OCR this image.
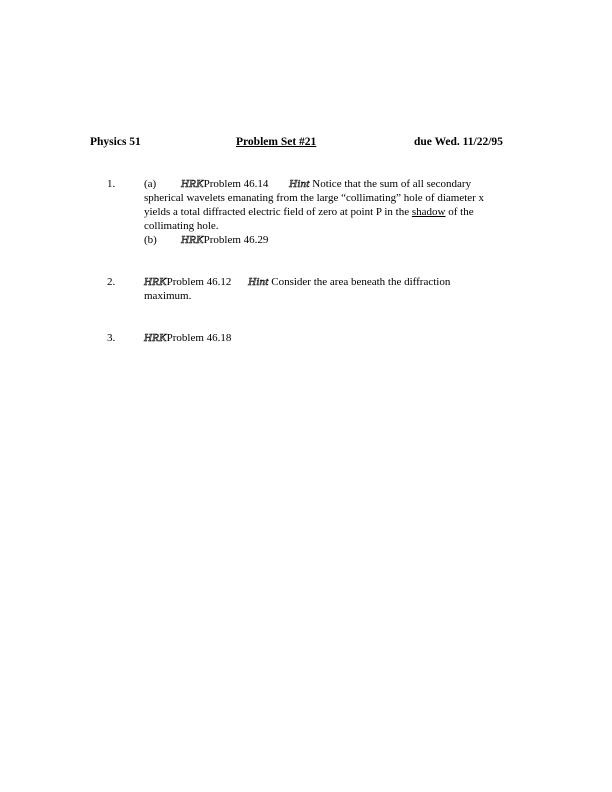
Physics 51	Problem Set #21	due Wed. 11/22/95
1.	(a) HRKProblem 46.14 Hint Notice that the sum of all secondary
spherical wavelets emanating from the large “collimating” hole of diameter x
yields a total diffracted electric field of zero at point P in the shadow of the
collimating hole.
(b) HRKProblem 46.29
2.	HRKProblem 46.12 Hint Consider the area beneath the diffraction
maximum.
3.	HRKProblem 46.18
